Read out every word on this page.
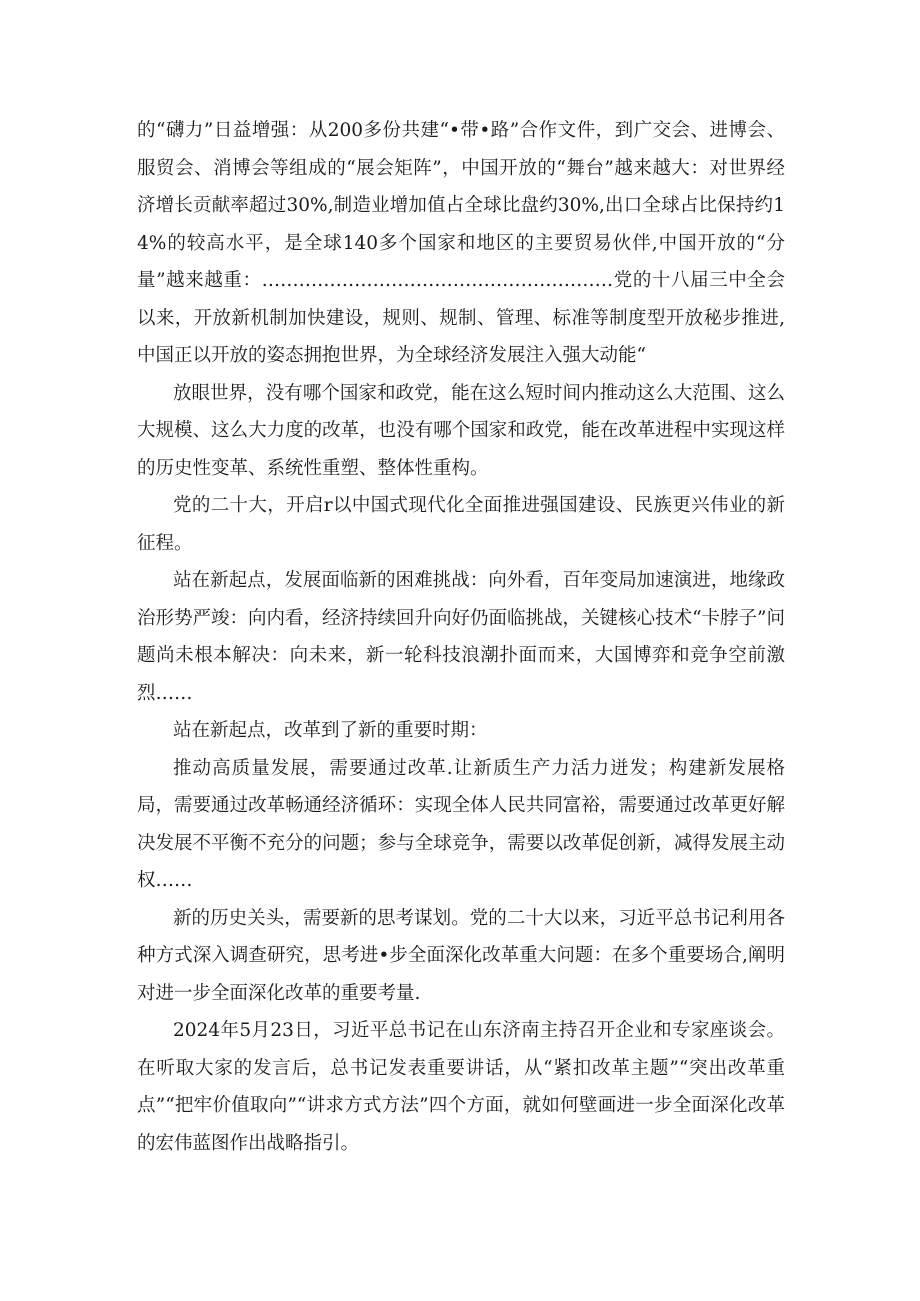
的“礴力”日益增强：从200多份共建“•带•路”合作文件，到广交会、进博会、服贸会、消博会等组成的“展会矩阵”，中国开放的“舞台”越来越大：对世界经济增长贡献率超过30%,制造业增加值占全球比盘约30%,出口全球占比保持约14%的较高水平，是全球140多个国家和地区的主要贸易伙伴,中国开放的“分量”越来越重：…………………………………………………党的十八届三中全会以来，开放新机制加快建设，规则、规制、管理、标准等制度型开放秘步推进,中国正以开放的姿态拥抱世界，为全球经济发展注入强大动能“

放眼世界，没有哪个国家和政党，能在这么短时间内推动这么大范围、这么大规模、这么大力度的改革，也没有哪个国家和政党，能在改革进程中实现这样的历史性变革、系统性重塑、整体性重构。

党的二十大，开启r以中国式现代化全面推进强国建设、民族更兴伟业的新征程。

站在新起点，发展面临新的困难挑战：向外看，百年变局加速演进，地缘政治形势严竣：向内看，经济持续回升向好仍面临挑战，关键核心技术“卡脖子”问题尚未根本解决：向未来，新一轮科技浪潮扑面而来，大国博弈和竞争空前激烈……

站在新起点，改革到了新的重要时期：

推动高质量发展，需要通过改革.让新质生产力活力迸发；构建新发展格局，需要通过改革畅通经济循环：实现全体人民共同富裕，需要通过改革更好解决发展不平衡不充分的问题；参与全球竞争，需要以改革促创新，减得发展主动权……

新的历史关头，需要新的思考谋划。党的二十大以来，习近平总书记利用各种方式深入调查研究，思考进•步全面深化改革重大问题：在多个重要场合,阐明对进一步全面深化改革的重要考量.

2024年5月23日，习近平总书记在山东济南主持召开企业和专家座谈会。在听取大家的发言后，总书记发表重要讲话，从“紧扣改革主题”“突出改革重点”“把牢价值取向”“讲求方式方法”四个方面，就如何壁画进一步全面深化改革的宏伟蓝图作出战略指引。
